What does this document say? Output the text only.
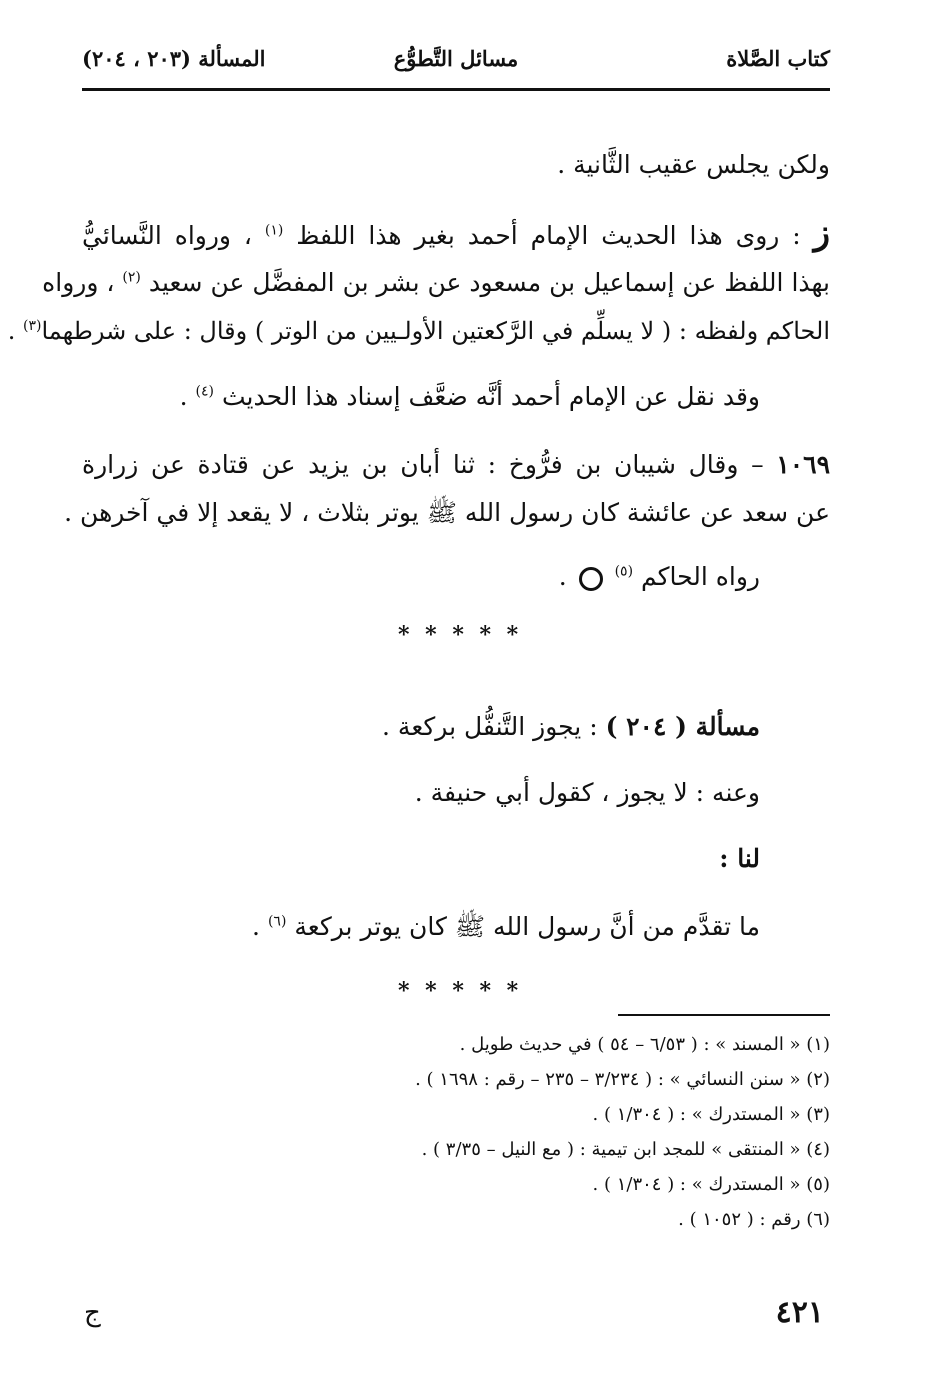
كتاب الصَّلاة
مسائل التَّطوُّع
المسألة (٢٠٣ ، ٢٠٤)
ولكن يجلس عقيب الثَّانية .
ز : روى هذا الحديث الإمام أحمد بغير هذا اللفظ $^{(١)}$ ، ورواه النَّسائيُّ
بهذا اللفظ عن إسماعيل بن مسعود عن بشر بن المفضَّل عن سعيد $^{(٢)}$ ، ورواه
الحاكم ولفظه : ( لا يسلِّم في الرَّكعتين الأولـيين من الوتر ) وقال : على شرطهما$^{(٣)}$ .
وقد نقل عن الإمام أحمد أنَّه ضعَّف إسناد هذا الحديث $^{(٤)}$ .
١٠٦٩ – وقال شيبان بن فرُّوخ : ثنا أبان بن يزيد عن قتادة عن زرارة
عن سعد عن عائشة كان رسول الله ﷺ يوتر بثلاث ، لا يقعد إلا في آخرهن .
رواه الحاكم $^{(٥)}$  .
* * * * *
مسألة ( ٢٠٤ ) : يجوز التَّنفُّل بركعة .
وعنه : لا يجوز ، كقول أبي حنيفة .
لنا :
ما تقدَّم من أنَّ رسول الله ﷺ كان يوتر بركعة $^{(٦)}$ .
* * * * *
(١) « المسند » : ( ٦/٥٣ – ٥٤ ) في حديث طويل .
(٢) « سنن النسائي » : ( ٣/٢٣٤ – ٢٣٥ – رقم : ١٦٩٨ ) .
(٣) « المستدرك » : ( ١/٣٠٤ ) .
(٤) « المنتقى » للمجد ابن تيمية : ( مع النيل – ٣/٣٥ ) .
(٥) « المستدرك » : ( ١/٣٠٤ ) .
(٦) رقم : ( ١٠٥٢ ) .
٤٢١
ج
